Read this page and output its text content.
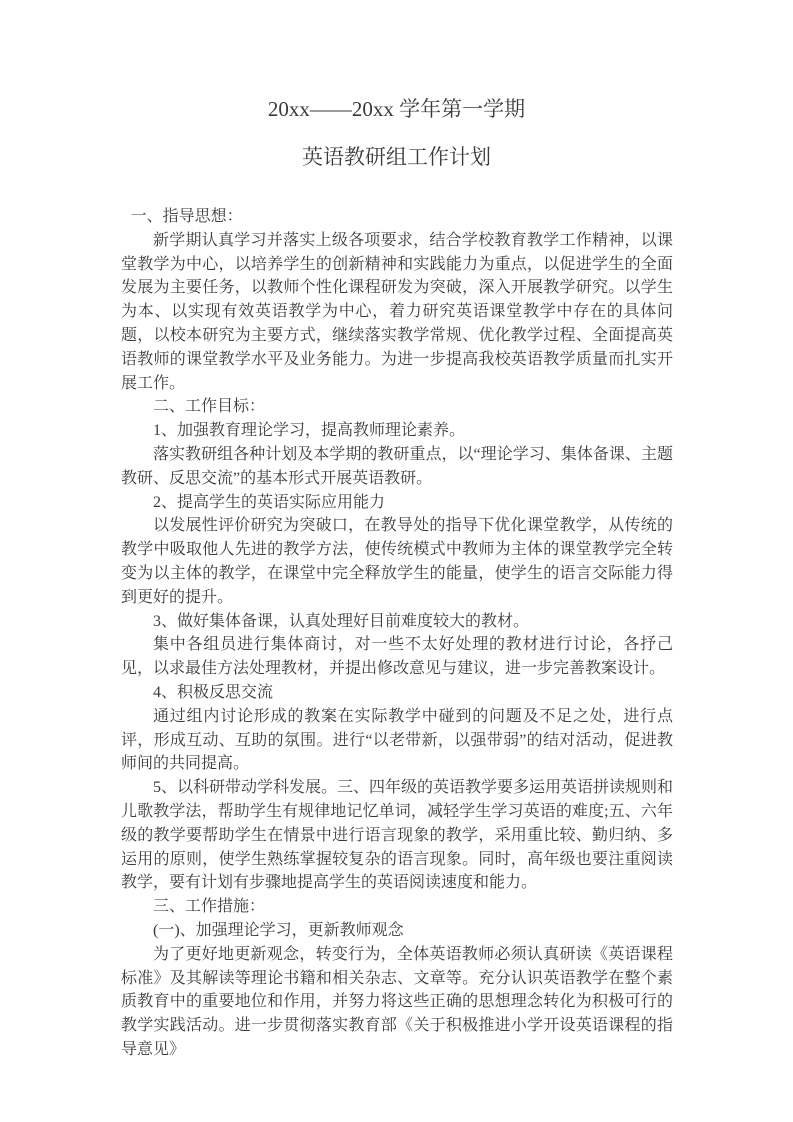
20xx——20xx 学年第一学期
英语教研组工作计划

一、指导思想：

新学期认真学习并落实上级各项要求，结合学校教育教学工作精神，以课堂教学为中心，以培养学生的创新精神和实践能力为重点，以促进学生的全面发展为主要任务，以教师个性化课程研发为突破，深入开展教学研究。以学生为本、以实现有效英语教学为中心，着力研究英语课堂教学中存在的具体问题，以校本研究为主要方式，继续落实教学常规、优化教学过程、全面提高英语教师的课堂教学水平及业务能力。为进一步提高我校英语教学质量而扎实开展工作。

二、工作目标：

1、加强教育理论学习，提高教师理论素养。

落实教研组各种计划及本学期的教研重点，以“理论学习、集体备课、主题教研、反思交流”的基本形式开展英语教研。

2、提高学生的英语实际应用能力

以发展性评价研究为突破口，在教导处的指导下优化课堂教学，从传统的教学中吸取他人先进的教学方法，使传统模式中教师为主体的课堂教学完全转变为以主体的教学，在课堂中完全释放学生的能量，使学生的语言交际能力得到更好的提升。

3、做好集体备课，认真处理好目前难度较大的教材。

集中各组员进行集体商讨，对一些不太好处理的教材进行讨论，各抒己见，以求最佳方法处理教材，并提出修改意见与建议，进一步完善教案设计。

4、积极反思交流

通过组内讨论形成的教案在实际教学中碰到的问题及不足之处，进行点评，形成互动、互助的氛围。进行“以老带新，以强带弱”的结对活动，促进教师间的共同提高。

5、以科研带动学科发展。三、四年级的英语教学要多运用英语拼读规则和儿歌教学法，帮助学生有规律地记忆单词，减轻学生学习英语的难度;五、六年级的教学要帮助学生在情景中进行语言现象的教学，采用重比较、勤归纳、多运用的原则，使学生熟练掌握较复杂的语言现象。同时，高年级也要注重阅读教学，要有计划有步骤地提高学生的英语阅读速度和能力。

三、工作措施：

(一)、加强理论学习，更新教师观念

为了更好地更新观念，转变行为，全体英语教师必须认真研读《英语课程标准》及其解读等理论书籍和相关杂志、文章等。充分认识英语教学在整个素质教育中的重要地位和作用，并努力将这些正确的思想理念转化为积极可行的教学实践活动。进一步贯彻落实教育部《关于积极推进小学开设英语课程的指导意见》
